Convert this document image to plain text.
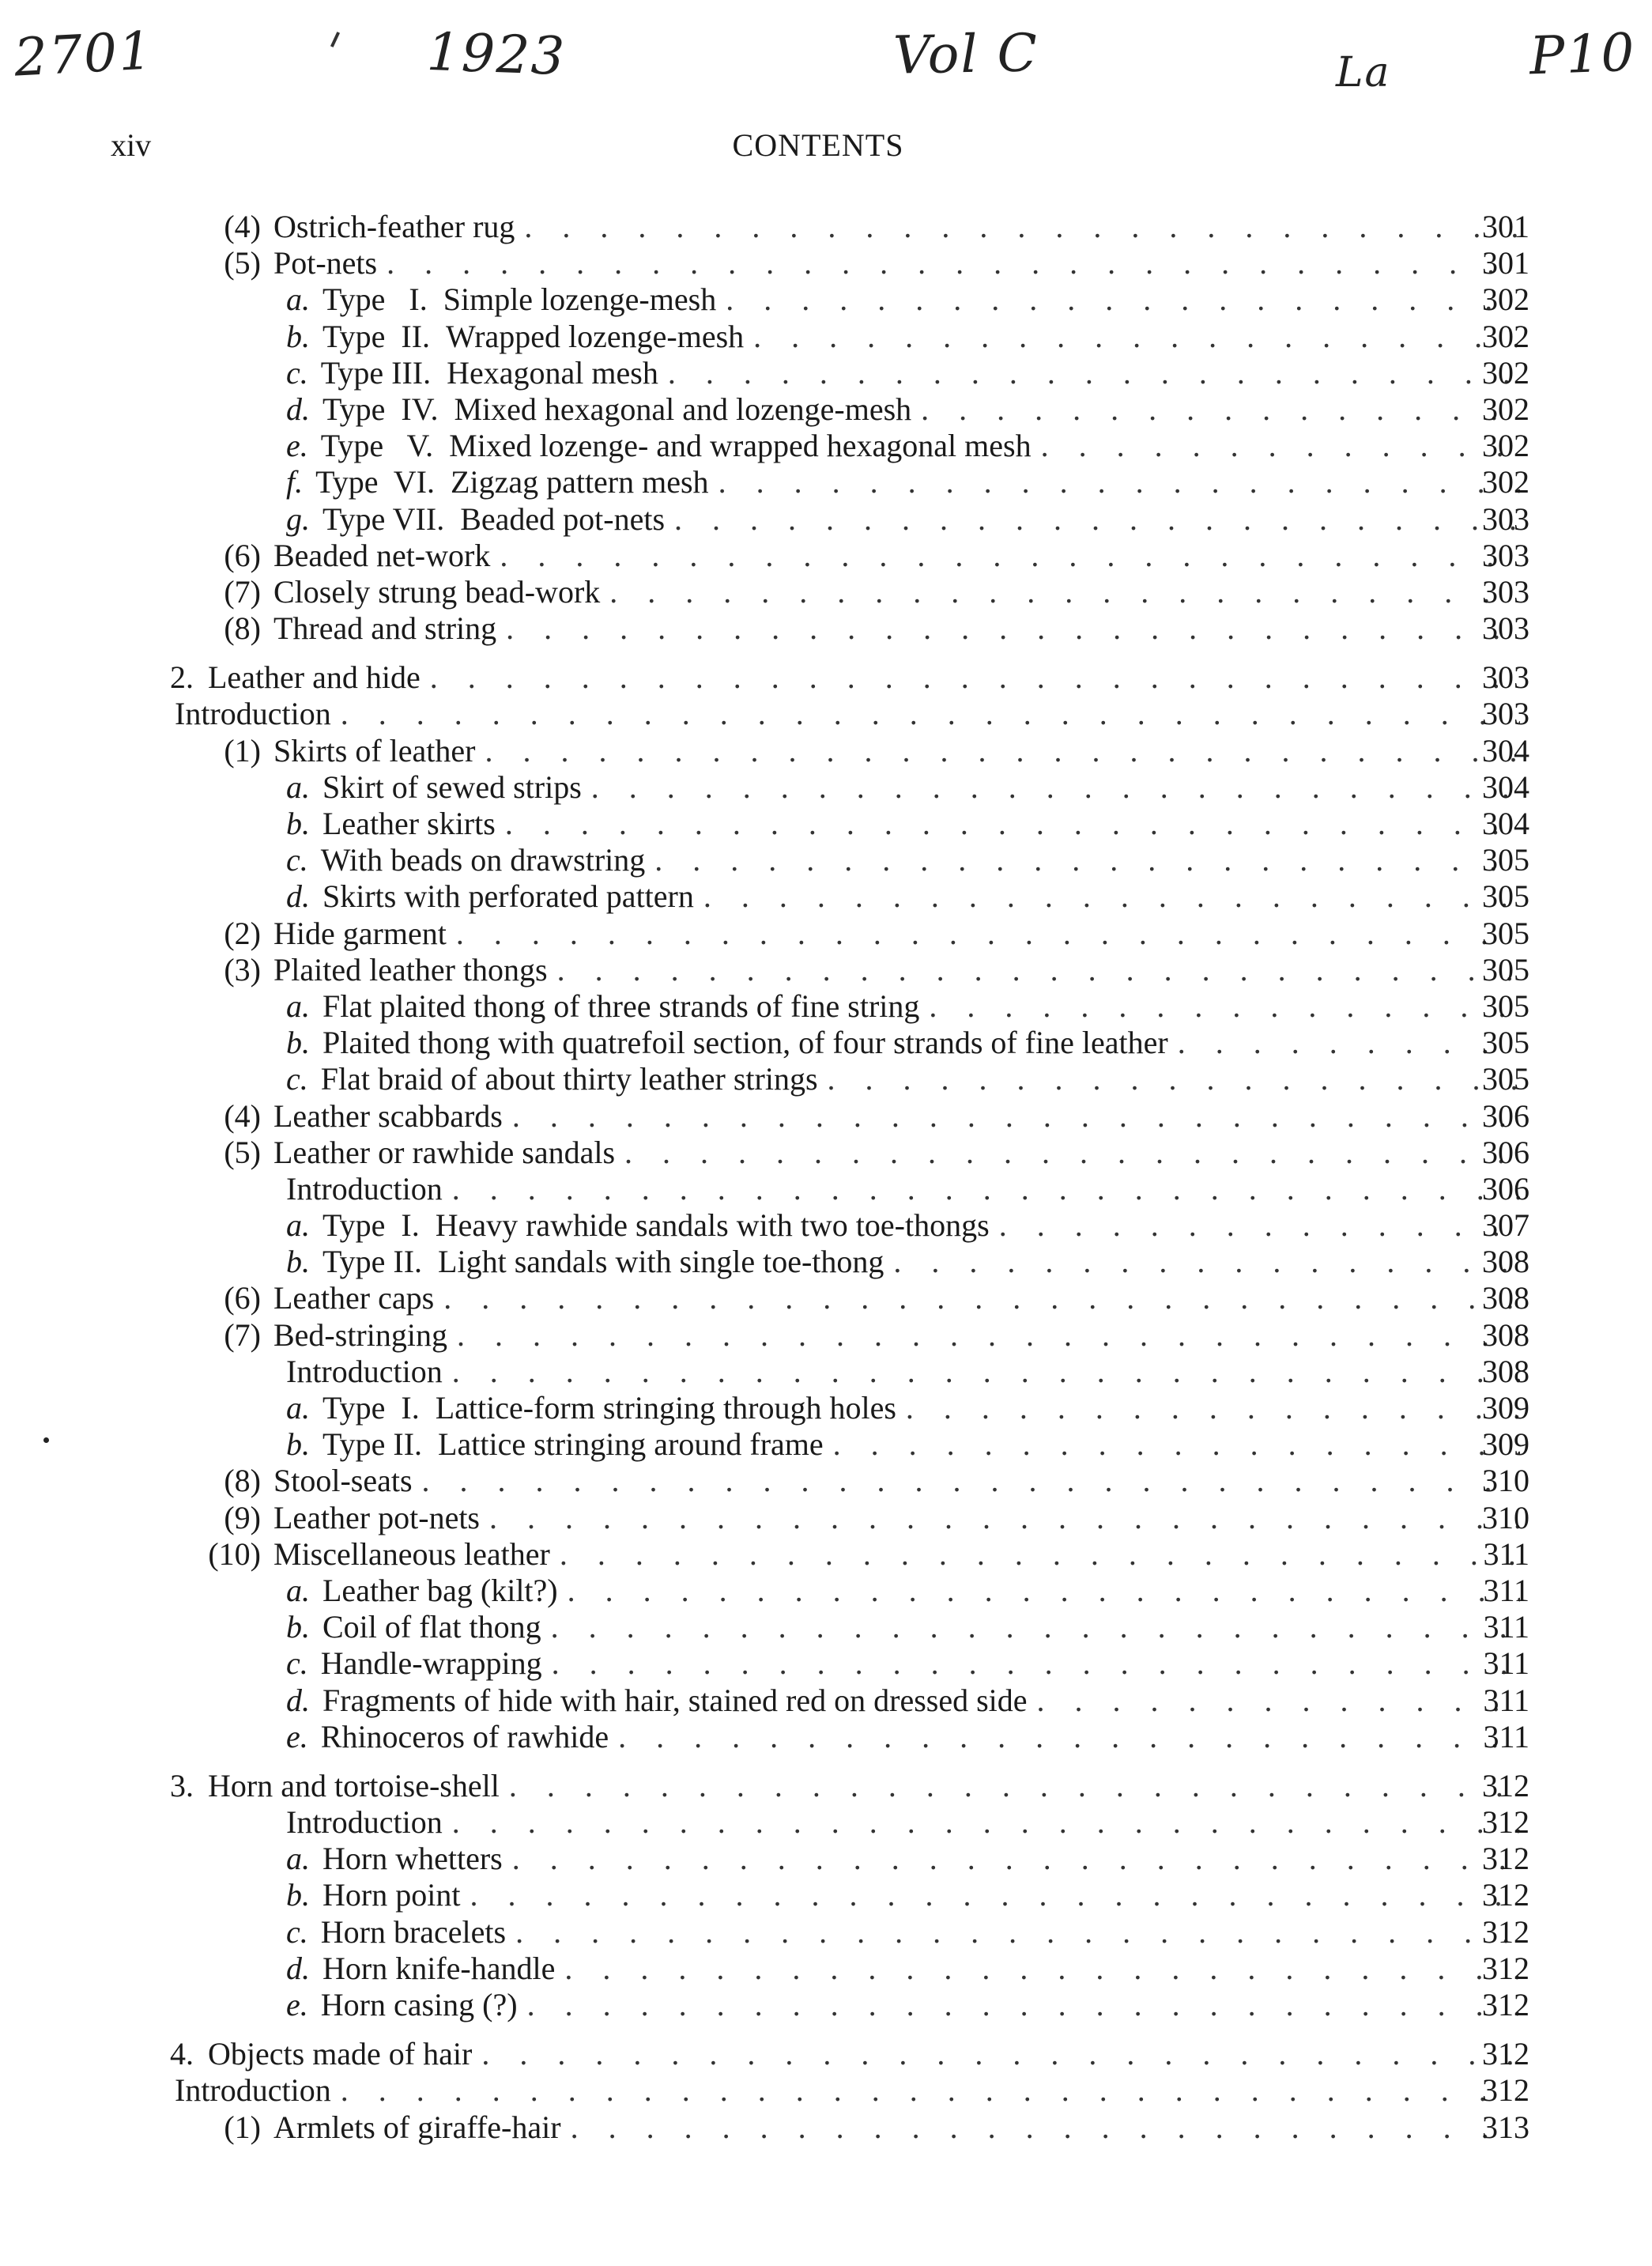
2701	1923	Vol C	La	P10
xiv	CONTENTS
(4) Ostrich-feather rug . . .	301
(5) Pot-nets . . .	301
a. Type   I. Simple lozenge-mesh . . .	302
b. Type  II. Wrapped lozenge-mesh . . .	302
c. Type III. Hexagonal mesh . . .	302
d. Type  IV. Mixed hexagonal and lozenge-mesh . . .	302
e. Type   V. Mixed lozenge- and wrapped hexagonal mesh . . .	302
f. Type  VI. Zigzag pattern mesh . . .	302
g. Type VII. Beaded pot-nets . . .	303
(6) Beaded net-work . . .	303
(7) Closely strung bead-work . . .	303
(8) Thread and string . . .	303
2. Leather and hide . . .	303
Introduction . . .	303
(1) Skirts of leather . . .	304
a. Skirt of sewed strips . . .	304
b. Leather skirts . . .	304
c. With beads on drawstring . . .	305
d. Skirts with perforated pattern . . .	305
(2) Hide garment . . .	305
(3) Plaited leather thongs . . .	305
a. Flat plaited thong of three strands of fine string . . .	305
b. Plaited thong with quatrefoil section, of four strands of fine leather . . .	305
c. Flat braid of about thirty leather strings . . .	305
(4) Leather scabbards . . .	306
(5) Leather or rawhide sandals . . .	306
Introduction . . .	306
a. Type  I. Heavy rawhide sandals with two toe-thongs . . .	307
b. Type II. Light sandals with single toe-thong . . .	308
(6) Leather caps . . .	308
(7) Bed-stringing . . .	308
Introduction . . .	308
a. Type  I. Lattice-form stringing through holes . . .	309
b. Type II. Lattice stringing around frame . . .	309
(8) Stool-seats . . .	310
(9) Leather pot-nets . . .	310
(10) Miscellaneous leather . . .	311
a. Leather bag (kilt?) . . .	311
b. Coil of flat thong . . .	311
c. Handle-wrapping . . .	311
d. Fragments of hide with hair, stained red on dressed side . . .	311
e. Rhinoceros of rawhide . . .	311
3. Horn and tortoise-shell . . .	312
Introduction . . .	312
a. Horn whetters . . .	312
b. Horn point . . .	312
c. Horn bracelets . . .	312
d. Horn knife-handle . . .	312
e. Horn casing (?) . . .	312
4. Objects made of hair . . .	312
Introduction . . .	312
(1) Armlets of giraffe-hair . . .	313
